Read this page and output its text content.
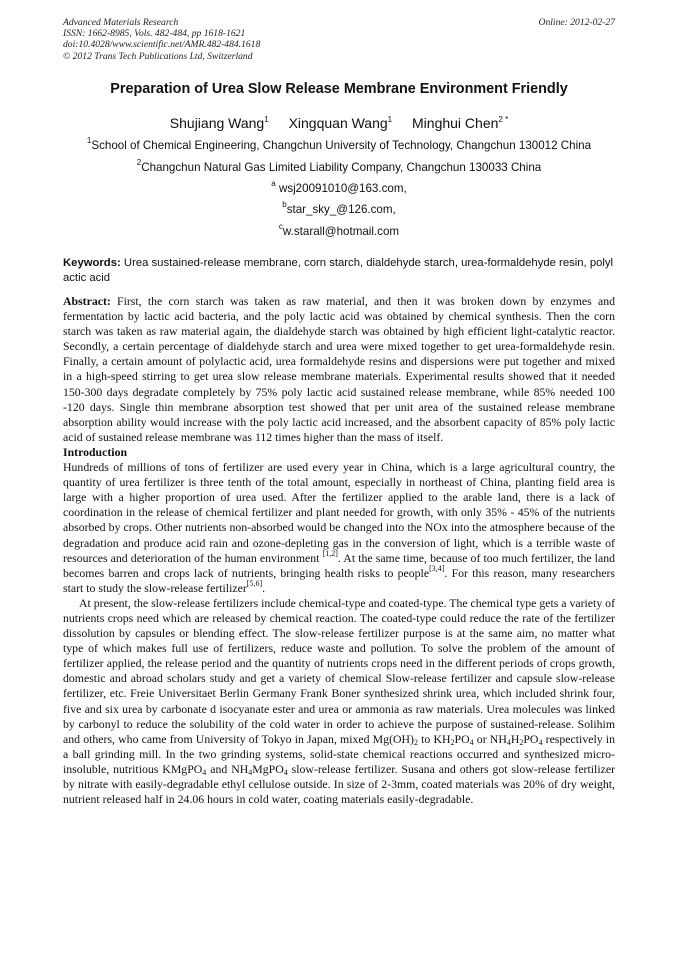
Advanced Materials Research
ISSN: 1662-8985, Vols. 482-484, pp 1618-1621
doi:10.4028/www.scientific.net/AMR.482-484.1618
© 2012 Trans Tech Publications Ltd, Switzerland
Online: 2012-02-27
Preparation of Urea Slow Release Membrane Environment Friendly
Shujiang Wang$^1$ Xingquan Wang$^1$ Minghui Chen$^{2 *}$
$^1$School of Chemical Engineering, Changchun University of Technology, Changchun 130012 China
$^2$Changchun Natural Gas Limited Liability Company, Changchun 130033 China
$^a$ wsj20091010@163.com,
$^b$star_sky_@126.com,
$^c$w.starall@hotmail.com
Keywords: Urea sustained-release membrane, corn starch, dialdehyde starch, urea-formaldehyde resin, polyl actic acid

Abstract: First, the corn starch was taken as raw material, and then it was broken down by enzymes and fermentation by lactic acid bacteria, and the poly lactic acid was obtained by chemical synthesis. Then the corn starch was taken as raw material again, the dialdehyde starch was obtained by high efficient light-catalytic reactor. Secondly, a certain percentage of dialdehyde starch and urea were mixed together to get urea-formaldehyde resin. Finally, a certain amount of polylactic acid, urea formaldehyde resins and dispersions were put together and mixed in a high-speed stirring to get urea slow release membrane materials. Experimental results showed that it needed 150-300 days degradate completely by 75% poly lactic acid sustained release membrane, while 85% needed 100 -120 days. Single thin membrane absorption test showed that per unit area of the sustained release membrane absorption ability would increase with the poly lactic acid increased, and the absorbent capacity of 85% poly lactic acid of sustained release membrane was 112 times higher than the mass of itself.

Introduction

Hundreds of millions of tons of fertilizer are used every year in China, which is a large agricultural country, the quantity of urea fertilizer is three tenth of the total amount, especially in northeast of China, planting field area is large with a higher proportion of urea used. After the fertilizer applied to the arable land, there is a lack of coordination in the release of chemical fertilizer and plant needed for growth, with only 35% - 45% of the nutrients absorbed by crops. Other nutrients non-absorbed would be changed into the NOx into the atmosphere because of the degradation and produce acid rain and ozone-depleting gas in the conversion of light, which is a terrible waste of resources and deterioration of the human environment [1,2]. At the same time, because of too much fertilizer, the land becomes barren and crops lack of nutrients, bringing health risks to people[3,4]. For this reason, many researchers start to study the slow-release fertilizer[5,6].

At present, the slow-release fertilizers include chemical-type and coated-type. The chemical type gets a variety of nutrients crops need which are released by chemical reaction. The coated-type could reduce the rate of the fertilizer dissolution by capsules or blending effect. The slow-release fertilizer purpose is at the same aim, no matter what type of which makes full use of fertilizers, reduce waste and pollution. To solve the problem of the amount of fertilizer applied, the release period and the quantity of nutrients crops need in the different periods of crops growth, domestic and abroad scholars study and get a variety of chemical Slow-release fertilizer and capsule slow-release fertilizer, etc. Freie Universitaet Berlin Germany Frank Boner synthesized shrink urea, which included shrink four, five and six urea by carbonate d isocyanate ester and urea or ammonia as raw materials. Urea molecules was linked by carbonyl to reduce the solubility of the cold water in order to achieve the purpose of sustained-release. Solihim and others, who came from University of Tokyo in Japan, mixed $Mg(OH)_2$ to $KH_2PO_4$ or $NH_4H_2PO_4$ respectively in a ball grinding mill. In the two grinding systems, solid-state chemical reactions occurred and synthesized micro-insoluble, nutritious KMgPO$_4$ and $NH_4MgPO_4$ slow-release fertilizer. Susana and others got slow-release fertilizer by nitrate with easily-degradable ethyl cellulose outside. In size of 2-3mm, coated materials was 20% of dry weight, nutrient released half in 24.06 hours in cold water, coating materials easily-degradable.
